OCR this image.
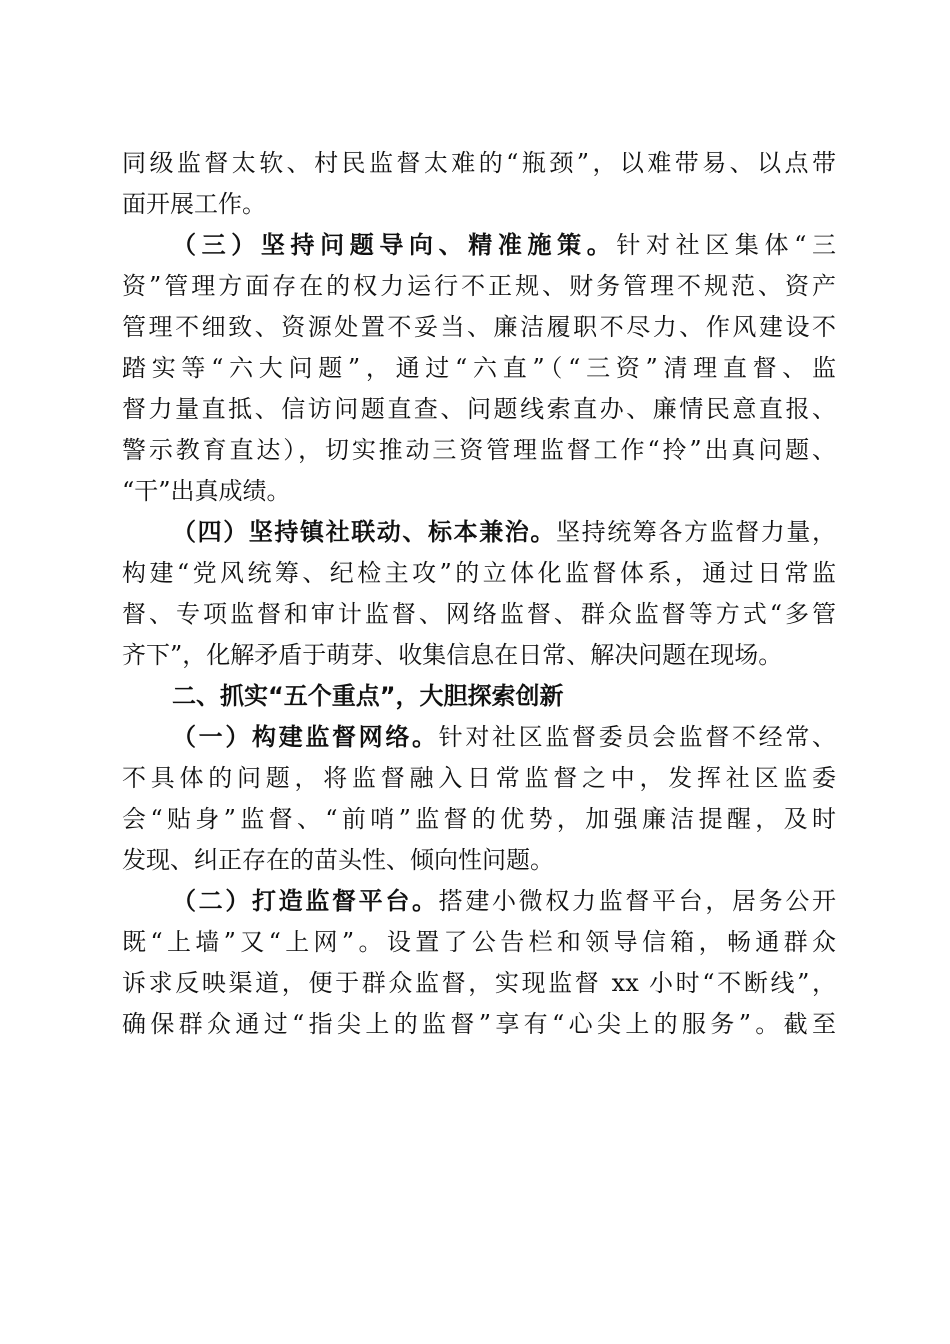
同级监督太软、村民监督太难的“瓶颈”，以难带易、以点带
面开展工作。
（三）坚持问题导向、精准施策。针对社区集体“三
资”管理方面存在的权力运行不正规、财务管理不规范、资产
管理不细致、资源处置不妥当、廉洁履职不尽力、作风建设不
踏实等“六大问题”，通过“六直”（“三资”清理直督、监
督力量直抵、信访问题直查、问题线索直办、廉情民意直报、
警示教育直达），切实推动三资管理监督工作“拎”出真问题、
“干”出真成绩。
（四）坚持镇社联动、标本兼治。坚持统筹各方监督力量，
构建“党风统筹、纪检主攻”的立体化监督体系，通过日常监
督、专项监督和审计监督、网络监督、群众监督等方式“多管
齐下”，化解矛盾于萌芽、收集信息在日常、解决问题在现场。
二、抓实“五个重点”，大胆探索创新
（一）构建监督网络。针对社区监督委员会监督不经常、
不具体的问题，将监督融入日常监督之中，发挥社区监委
会“贴身”监督、“前哨”监督的优势，加强廉洁提醒，及时
发现、纠正存在的苗头性、倾向性问题。
（二）打造监督平台。搭建小微权力监督平台，居务公开
既“上墙”又“上网”。设置了公告栏和领导信箱，畅通群众
诉求反映渠道，便于群众监督，实现监督 xx 小时“不断线”，
确保群众通过“指尖上的监督”享有“心尖上的服务”。截至
